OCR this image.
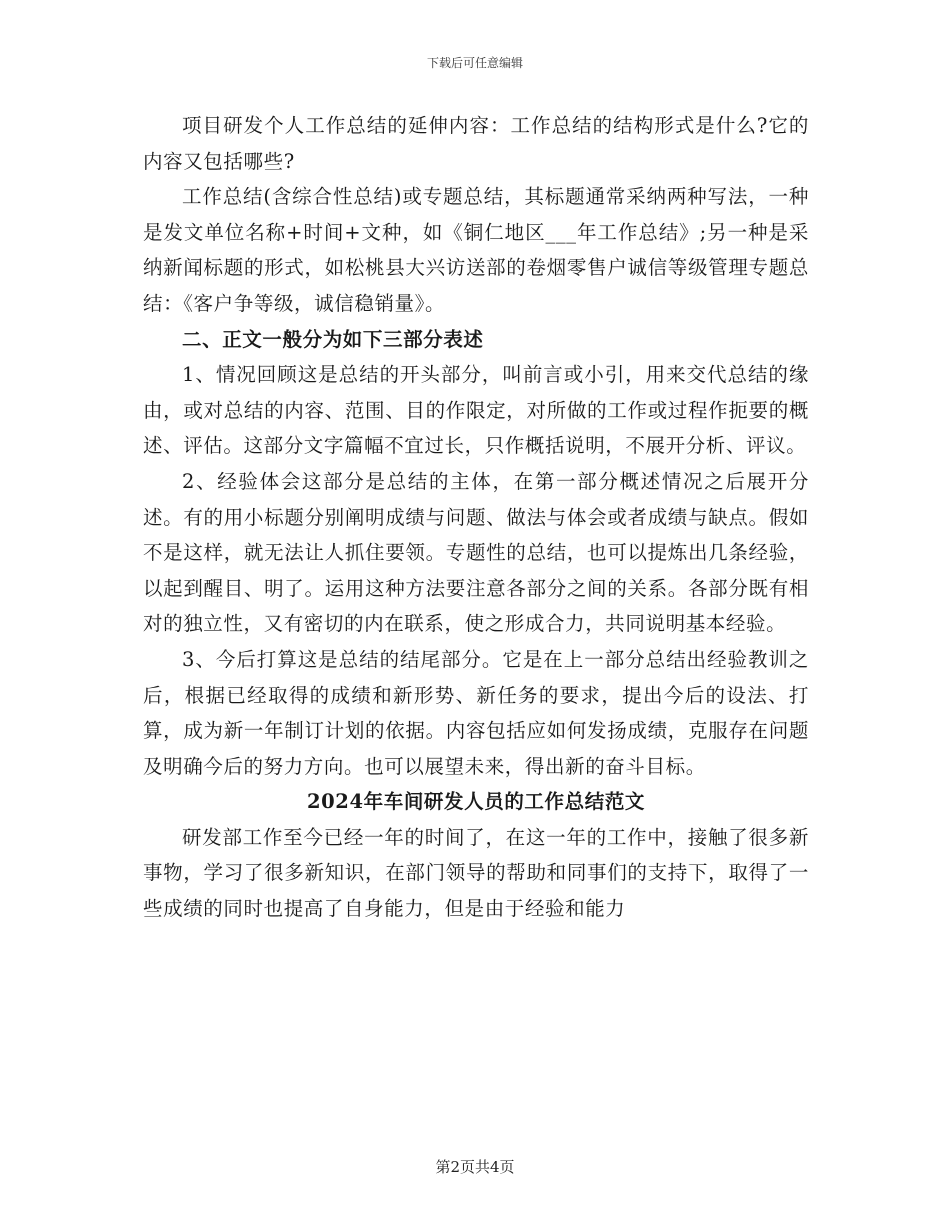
下载后可任意编辑

项目研发个人工作总结的延伸内容：工作总结的结构形式是什么?它的内容又包括哪些?

工作总结(含综合性总结)或专题总结，其标题通常采纳两种写法，一种是发文单位名称+时间+文种，如《铜仁地区___年工作总结》;另一种是采纳新闻标题的形式，如松桃县大兴访送部的卷烟零售户诚信等级管理专题总结：《客户争等级，诚信稳销量》。

二、正文一般分为如下三部分表述

1、情况回顾这是总结的开头部分，叫前言或小引，用来交代总结的缘由，或对总结的内容、范围、目的作限定，对所做的工作或过程作扼要的概述、评估。这部分文字篇幅不宜过长，只作概括说明，不展开分析、评议。

2、经验体会这部分是总结的主体，在第一部分概述情况之后展开分述。有的用小标题分别阐明成绩与问题、做法与体会或者成绩与缺点。假如不是这样，就无法让人抓住要领。专题性的总结，也可以提炼出几条经验，以起到醒目、明了。运用这种方法要注意各部分之间的关系。各部分既有相对的独立性，又有密切的内在联系，使之形成合力，共同说明基本经验。

3、今后打算这是总结的结尾部分。它是在上一部分总结出经验教训之后，根据已经取得的成绩和新形势、新任务的要求，提出今后的设法、打算，成为新一年制订计划的依据。内容包括应如何发扬成绩，克服存在问题及明确今后的努力方向。也可以展望未来，得出新的奋斗目标。

2024年车间研发人员的工作总结范文

研发部工作至今已经一年的时间了，在这一年的工作中，接触了很多新事物，学习了很多新知识，在部门领导的帮助和同事们的支持下，取得了一些成绩的同时也提高了自身能力，但是由于经验和能力

第2页共4页
